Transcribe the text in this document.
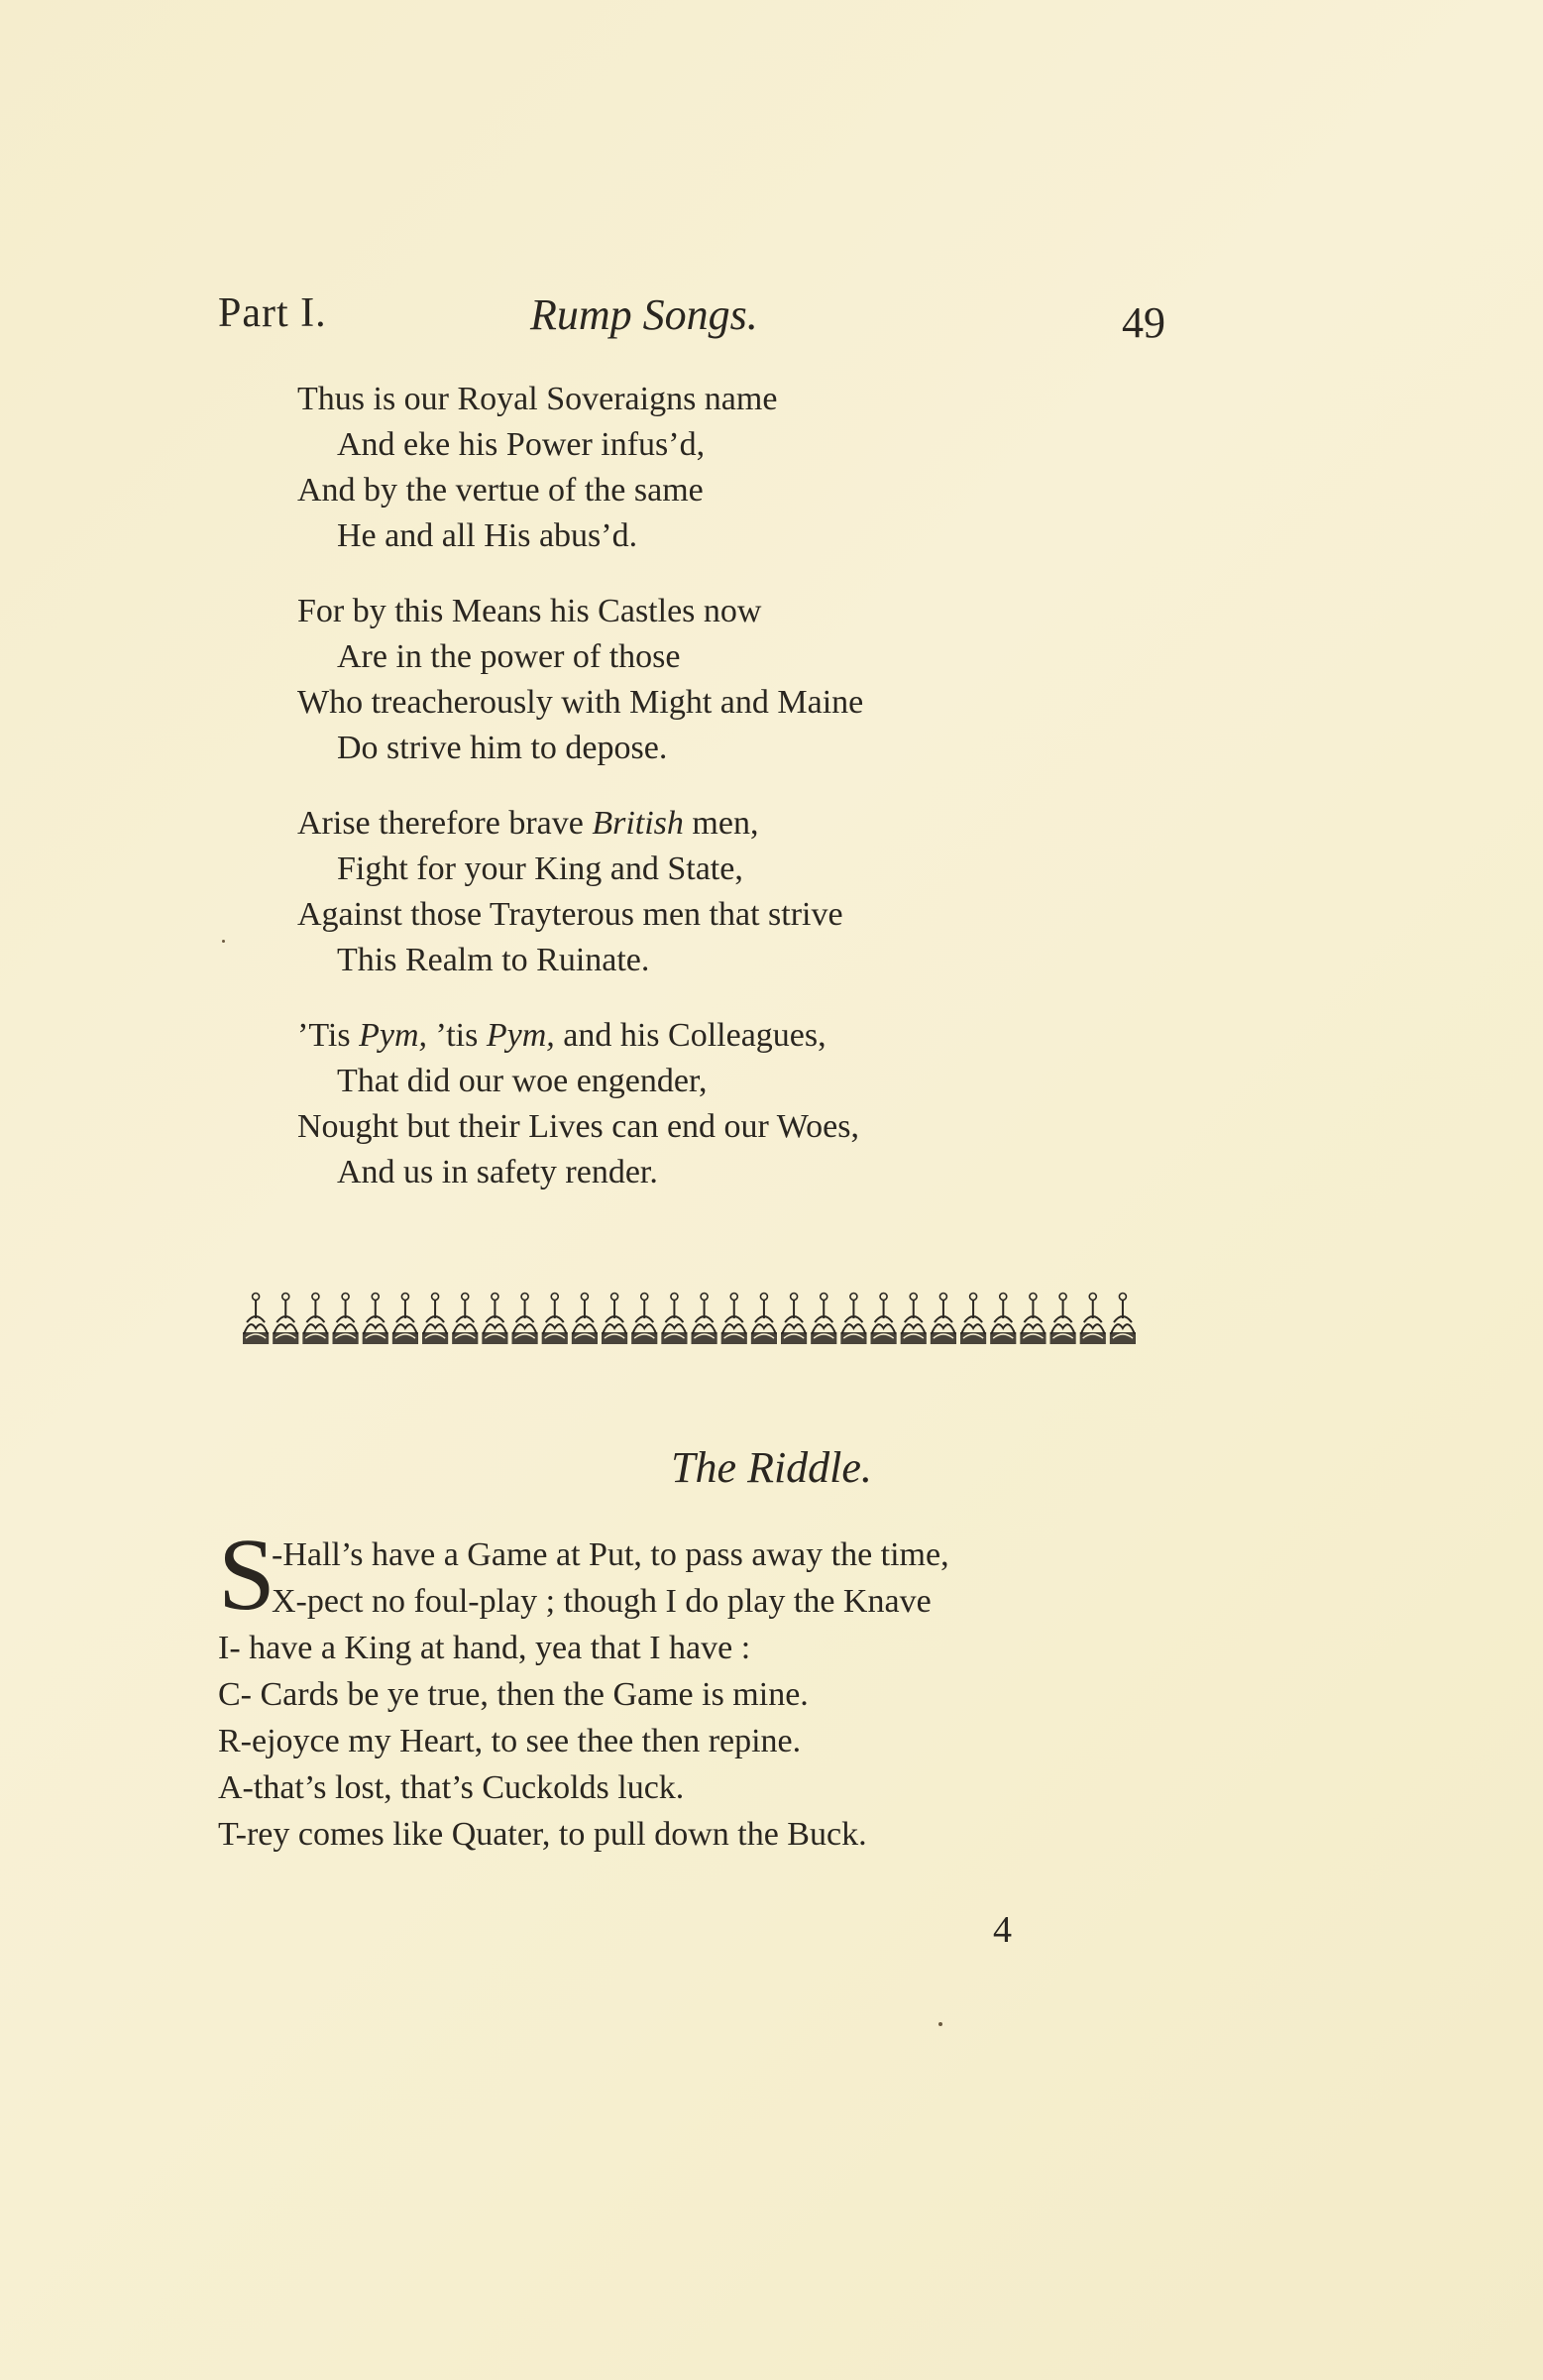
Part I.	Rump Songs.	49
Thus is our Royal Soveraigns name
And eke his Power infus’d,
And by the vertue of the same
He and all His abus’d.
For by this Means his Castles now
Are in the power of those
Who treacherously with Might and Maine
Do strive him to depose.
Arise therefore brave British men,
Fight for your King and State,
Against those Trayterous men that strive
This Realm to Ruinate.
’Tis Pym, ’tis Pym, and his Colleagues,
That did our woe engender,
Nought but their Lives can end our Woes,
And us in safety render.
The Riddle.
S
-Hall’s have a Game at Put, to pass away the time,
X-pect no foul-play ; though I do play the Knave
I- have a King at hand, yea that I have :
C- Cards be ye true, then the Game is mine.
R-ejoyce my Heart, to see thee then repine.
A-that’s lost, that’s Cuckolds luck.
T-rey comes like Quater, to pull down the Buck.
4
